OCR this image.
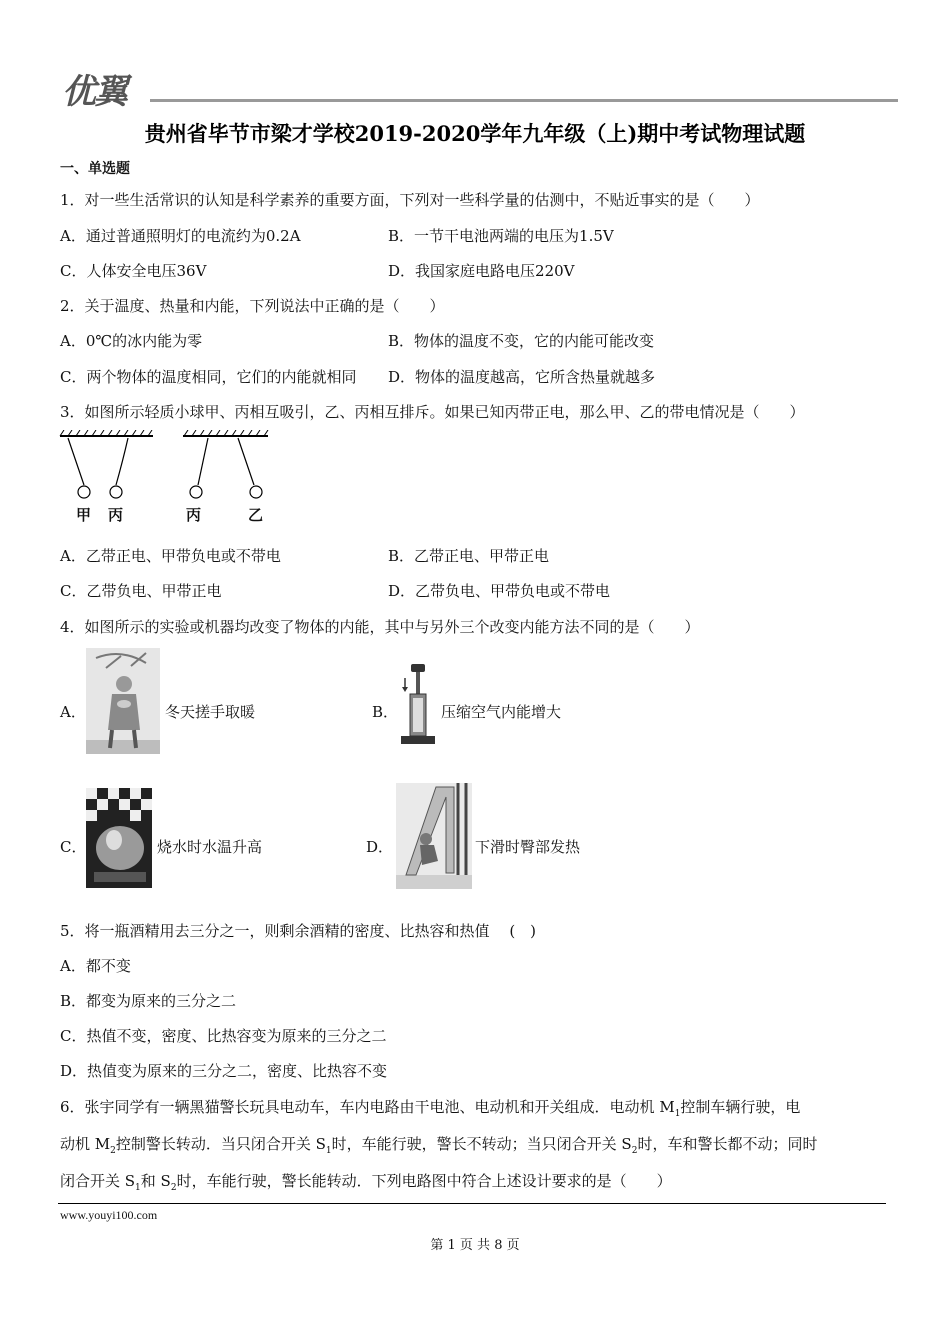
优翼
贵州省毕节市梁才学校2019-2020学年九年级（上)期中考试物理试题
一、单选题
1．对一些生活常识的认知是科学素养的重要方面，下列对一些科学量的估测中，不贴近事实的是（　　）
A．通过普通照明灯的电流约为0.2A	B．一节干电池两端的电压为1.5V
C．人体安全电压36V	D．我国家庭电路电压220V
2．关于温度、热量和内能，下列说法中正确的是（　　）
A．0℃的冰内能为零	B．物体的温度不变，它的内能可能改变
C．两个物体的温度相同，它们的内能就相同 D．物体的温度越高，它所含热量就越多
3．如图所示轻质小球甲、丙相互吸引，乙、丙相互排斥。如果已知丙带正电，那么甲、乙的带电情况是（　　）
甲 丙	丙	乙
A．乙带正电、甲带负电或不带电	B．乙带正电、甲带正电
C．乙带负电、甲带正电	D．乙带负电、甲带负电或不带电
4．如图所示的实验或机器均改变了物体的内能，其中与另外三个改变内能方法不同的是（　　）
A．	冬天搓手取暖	B．	压缩空气内能增大
C．	烧水时水温升高	D．	下滑时臀部发热
5．将一瓶酒精用去三分之一，则剩余酒精的密度、比热容和热值　 (　)
A．都不变
B．都变为原来的三分之二
C．热值不变，密度、比热容变为原来的三分之二
D．热值变为原来的三分之二，密度、比热容不变
6．张宇同学有一辆黑猫警长玩具电动车，车内电路由干电池、电动机和开关组成．电动机 $M_1$控制车辆行驶，电
动机 $M_2$控制警长转动．当只闭合开关 $S_1$时，车能行驶，警长不转动；当只闭合开关 $S_2$时，车和警长都不动；同时
闭合开关 $S_1$和 $S_2$时，车能行驶，警长能转动．下列电路图中符合上述设计要求的是（　　）
www.youyi100.com
第 1 页 共 8 页
